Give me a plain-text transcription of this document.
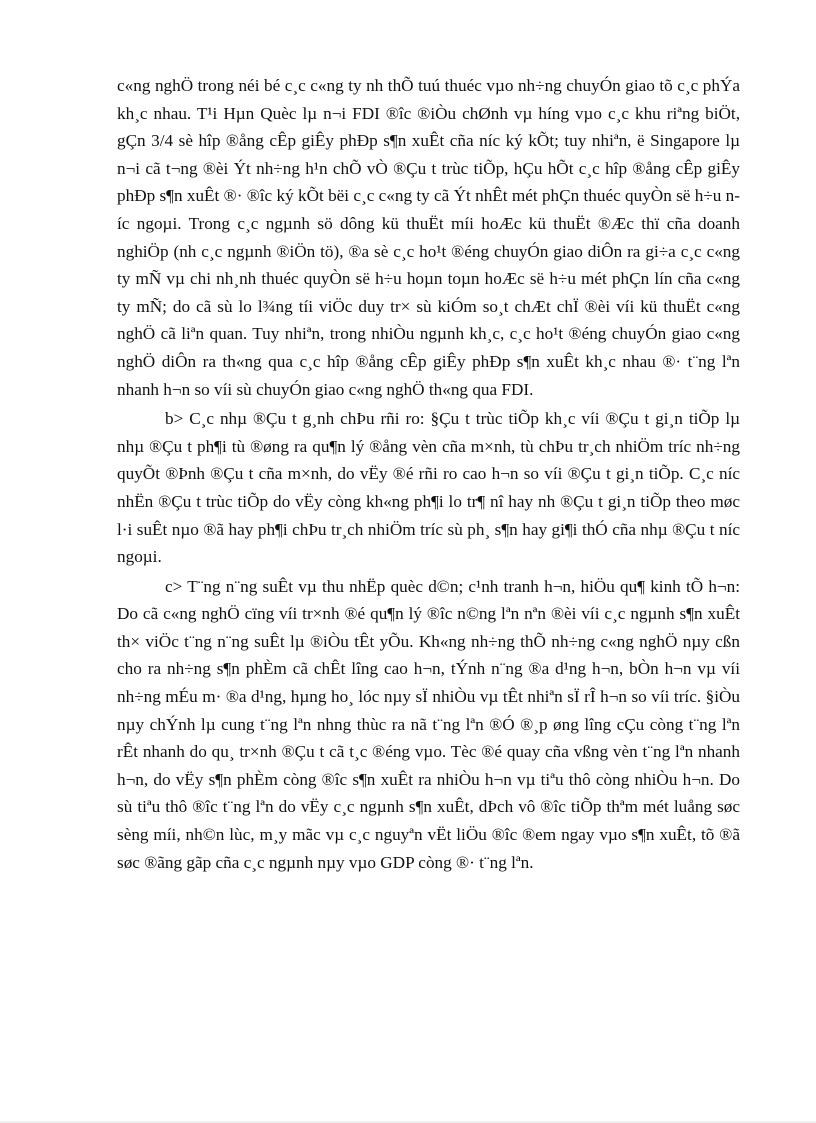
c«ng nghÖ trong néi bé c¸c c«ng ty nh thÕ tuú thuéc vµo nh÷ng chuyÓn giao tõ c¸c phÝa kh¸c nhau. T¹i Hµn Quèc lµ n¬i FDI ®îc ®iÒu chØnh vµ híng vµo c¸c khu riªng biÖt, gÇn 3/4 sè hîp ®ång cÊp giÊy phÐp s¶n xuÊt cña níc ký kÕt; tuy nhiªn, ë Singapore lµ n¬i cã t¬ng ®èi Ýt nh÷ng h¹n chÕ vÒ ®Çu t trùc tiÕp, hÇu hÕt c¸c hîp ®ång cÊp giÊy phÐp s¶n xuÊt ®· ®îc ký kÕt bëi c¸c c«ng ty cã Ýt nhÊt mét phÇn thuéc quyÒn së h÷u níc ngoµi. Trong c¸c ngµnh sö dông kü thuËt míi hoÆc kü thuËt ®Æc thï cña doanh nghiÖp (nh c¸c ngµnh ®iÖn tö), ®a sè c¸c ho¹t ®éng chuyÓn giao diÔn ra gi÷a c¸c c«ng ty mÑ vµ chi nh¸nh thuéc quyÒn së h÷u hoµn toµn hoÆc së h÷u mét phÇn lín cña c«ng ty mÑ; do cã sù lo l¾ng tíi viÖc duy tr× sù kiÓm so¸t chÆt chÏ ®èi víi kü thuËt c«ng nghÖ cã liªn quan. Tuy nhiªn, trong nhiÒu ngµnh kh¸c, c¸c ho¹t ®éng chuyÓn giao c«ng nghÖ diÔn ra th«ng qua c¸c hîp ®ång cÊp giÊy phÐp s¶n xuÊt kh¸c nhau ®· t¨ng lªn nhanh h¬n so víi sù chuyÓn giao c«ng nghÖ th«ng qua FDI.

b> C¸c nhµ ®Çu t g¸nh chÞu rñi ro: §Çu t trùc tiÕp kh¸c víi ®Çu t gi¸n tiÕp lµ nhµ ®Çu t ph¶i tù ®øng ra qu¶n lý ®ång vèn cña m×nh, tù chÞu tr¸ch nhiÖm tríc nh÷ng quyÕt ®Þnh ®Çu t cña m×nh, do vËy ®é rñi ro cao h¬n so víi ®Çu t gi¸n tiÕp. C¸c níc nhËn ®Çu t trùc tiÕp do vËy còng kh«ng ph¶i lo tr¶ nî hay nh ®Çu t gi¸n tiÕp theo møc l·i suÊt nµo ®ã hay ph¶i chÞu tr¸ch nhiÖm tríc sù ph¸ s¶n hay gi¶i thÓ cña nhµ ®Çu t níc ngoµi.

c> T¨ng n¨ng suÊt vµ thu nhËp quèc d©n; c¹nh tranh h¬n, hiÖu qu¶ kinh tÕ h¬n: Do cã c«ng nghÖ cïng víi tr×nh ®é qu¶n lý ®îc n©ng lªn nªn ®èi víi c¸c ngµnh s¶n xuÊt th× viÖc t¨ng n¨ng suÊt lµ ®iÒu tÊt yÕu. Kh«ng nh÷ng thÕ nh÷ng c«ng nghÖ nµy cßn cho ra nh÷ng s¶n phÈm cã chÊt lîng cao h¬n, tÝnh n¨ng ®a d¹ng h¬n, bÒn h¬n vµ víi nh÷ng mÉu m· ®a d¹ng, hµng ho¸ lóc nµy sÏ nhiÒu vµ tÊt nhiªn sÏ rÎ h¬n so víi tríc. §iÒu nµy chÝnh lµ cung t¨ng lªn nhng thùc ra nã t¨ng lªn ®Ó ®¸p øng lîng cÇu còng t¨ng lªn rÊt nhanh do qu¸ tr×nh ®Çu t cã t¸c ®éng vµo. Tèc ®é quay cña vßng vèn t¨ng lªn nhanh h¬n, do vËy s¶n phÈm còng ®îc s¶n xuÊt ra nhiÒu h¬n vµ tiªu thô còng nhiÒu h¬n. Do sù tiªu thô ®îc t¨ng lªn do vËy c¸c ngµnh s¶n xuÊt, dÞch vô ®îc tiÕp thªm mét luång søc sèng míi, nh©n lùc, m¸y mãc vµ c¸c nguyªn vËt liÖu ®îc ®em ngay vµo s¶n xuÊt, tõ ®ã søc ®ãng gãp cña c¸c ngµnh nµy vµo GDP còng ®· t¨ng lªn.
